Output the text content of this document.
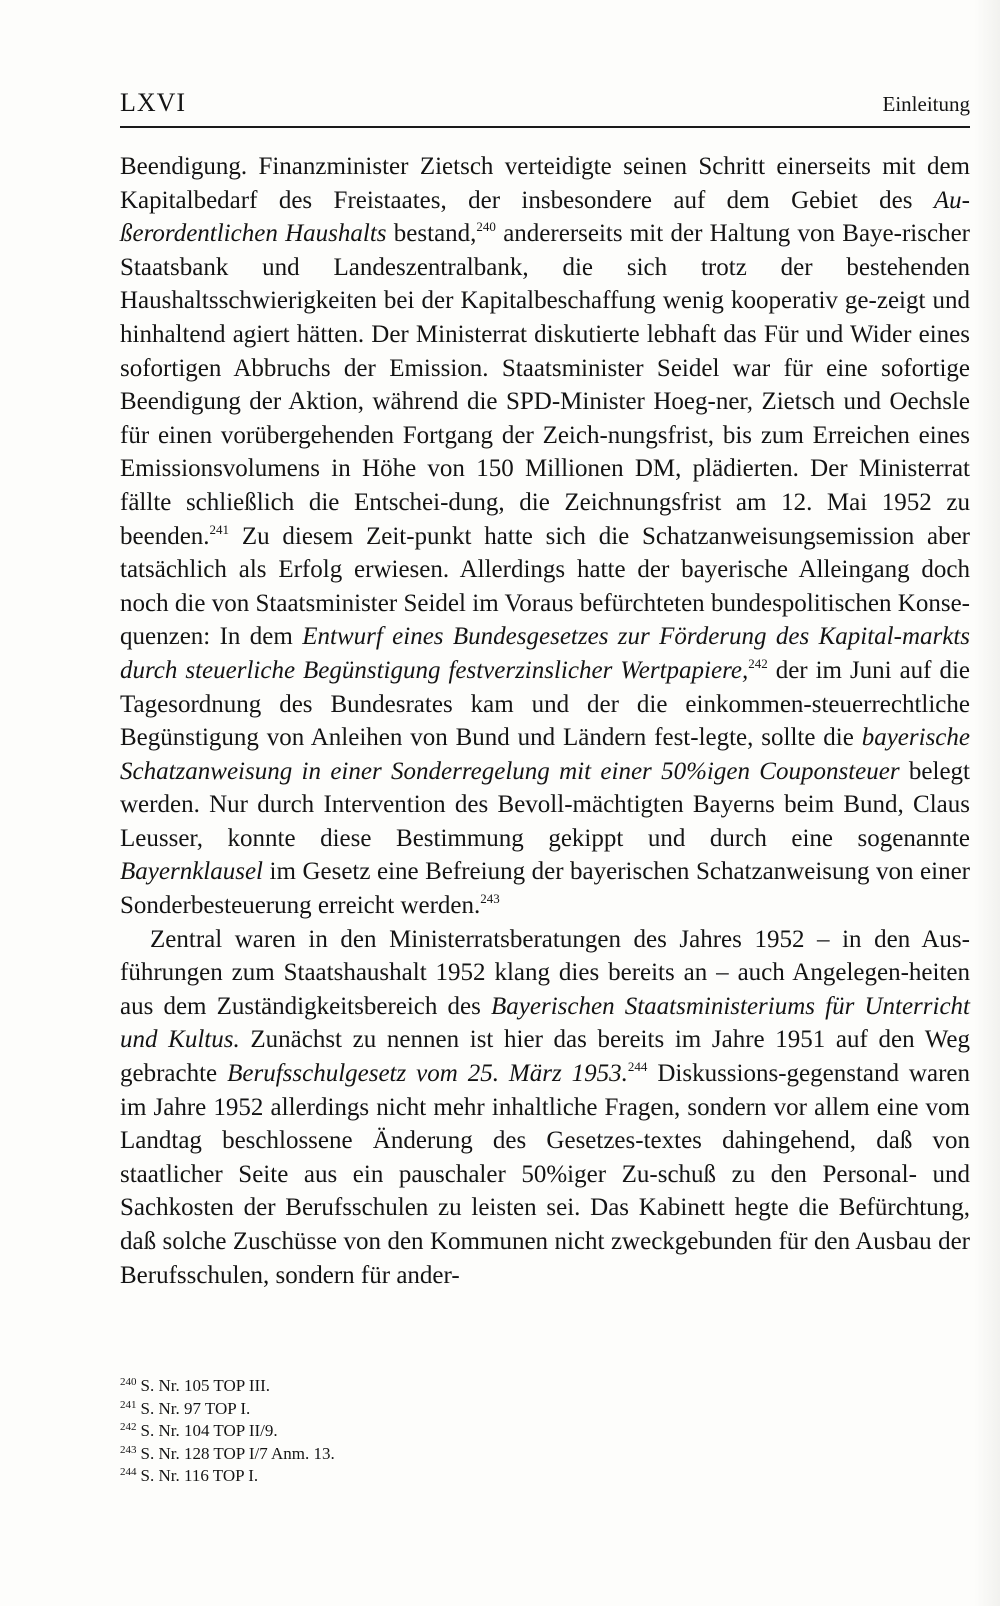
LXVI	Einleitung

Beendigung. Finanzminister Zietsch verteidigte seinen Schritt einerseits mit dem Kapitalbedarf des Freistaates, der insbesondere auf dem Gebiet des Au-ßerordentlichen Haushalts bestand,$^{240}$ andererseits mit der Haltung von Baye-rischer Staatsbank und Landeszentralbank, die sich trotz der bestehenden Haushaltsschwierigkeiten bei der Kapitalbeschaffung wenig kooperativ ge-zeigt und hinhaltend agiert hätten. Der Ministerrat diskutierte lebhaft das Für und Wider eines sofortigen Abbruchs der Emission. Staatsminister Seidel war für eine sofortige Beendigung der Aktion, während die SPD-Minister Hoeg-ner, Zietsch und Oechsle für einen vorübergehenden Fortgang der Zeich-nungsfrist, bis zum Erreichen eines Emissionsvolumens in Höhe von 150 Millionen DM, plädierten. Der Ministerrat fällte schließlich die Entschei-dung, die Zeichnungsfrist am 12. Mai 1952 zu beenden.$^{241}$ Zu diesem Zeit-punkt hatte sich die Schatzanweisungsemission aber tatsächlich als Erfolg erwiesen. Allerdings hatte der bayerische Alleingang doch noch die von Staatsminister Seidel im Voraus befürchteten bundespolitischen Konse-quenzen: In dem Entwurf eines Bundesgesetzes zur Förderung des Kapital-markts durch steuerliche Begünstigung festverzinslicher Wertpapiere,$^{242}$ der im Juni auf die Tagesordnung des Bundesrates kam und der die einkommen-steuerrechtliche Begünstigung von Anleihen von Bund und Ländern fest-legte, sollte die bayerische Schatzanweisung in einer Sonderregelung mit einer 50%igen Couponsteuer belegt werden. Nur durch Intervention des Bevoll-mächtigten Bayerns beim Bund, Claus Leusser, konnte diese Bestimmung gekippt und durch eine sogenannte Bayernklausel im Gesetz eine Befreiung der bayerischen Schatzanweisung von einer Sonderbesteuerung erreicht werden.$^{243}$

Zentral waren in den Ministerratsberatungen des Jahres 1952 – in den Aus-führungen zum Staatshaushalt 1952 klang dies bereits an – auch Angelegen-heiten aus dem Zuständigkeitsbereich des Bayerischen Staatsministeriums für Unterricht und Kultus. Zunächst zu nennen ist hier das bereits im Jahre 1951 auf den Weg gebrachte Berufsschulgesetz vom 25. März 1953.$^{244}$ Diskussions-gegenstand waren im Jahre 1952 allerdings nicht mehr inhaltliche Fragen, sondern vor allem eine vom Landtag beschlossene Änderung des Gesetzes-textes dahingehend, daß von staatlicher Seite aus ein pauschaler 50%iger Zu-schuß zu den Personal- und Sachkosten der Berufsschulen zu leisten sei. Das Kabinett hegte die Befürchtung, daß solche Zuschüsse von den Kommunen nicht zweckgebunden für den Ausbau der Berufsschulen, sondern für ander-

$^{240}$ S. Nr. 105 TOP III.
$^{241}$ S. Nr. 97 TOP I.
$^{242}$ S. Nr. 104 TOP II/9.
$^{243}$ S. Nr. 128 TOP I/7 Anm. 13.
$^{244}$ S. Nr. 116 TOP I.
